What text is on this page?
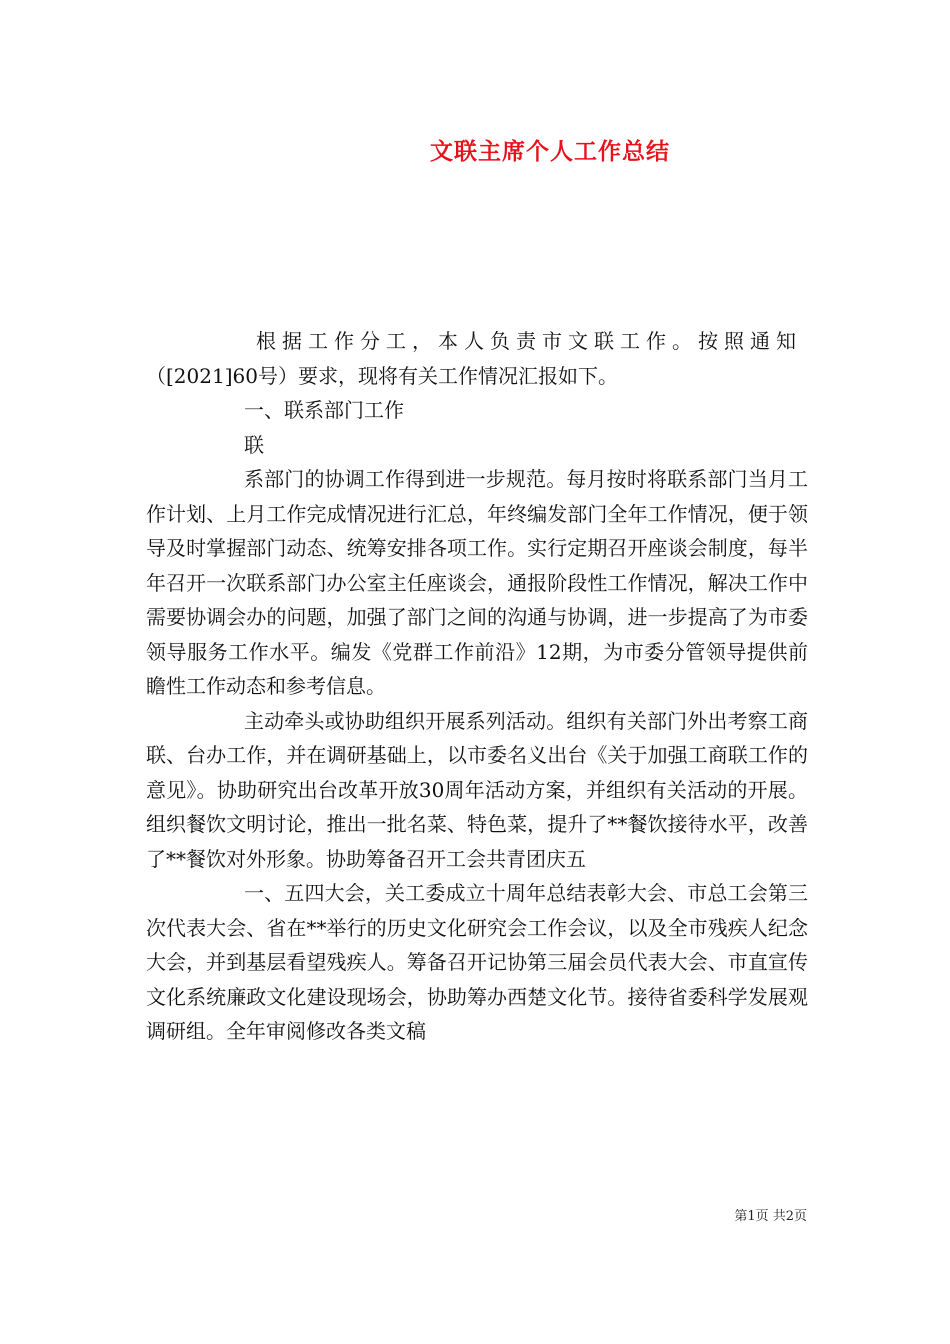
文联主席个人工作总结

根据工作分工，本人负责市文联工作。按照通知

（[2021]60号）要求，现将有关工作情况汇报如下。

一、联系部门工作

联

系部门的协调工作得到进一步规范。每月按时将联系部门当月工作计划、上月工作完成情况进行汇总，年终编发部门全年工作情况，便于领导及时掌握部门动态、统筹安排各项工作。实行定期召开座谈会制度，每半年召开一次联系部门办公室主任座谈会，通报阶段性工作情况，解决工作中需要协调会办的问题，加强了部门之间的沟通与协调，进一步提高了为市委领导服务工作水平。编发《党群工作前沿》12期，为市委分管领导提供前瞻性工作动态和参考信息。

主动牵头或协助组织开展系列活动。组织有关部门外出考察工商联、台办工作，并在调研基础上，以市委名义出台《关于加强工商联工作的意见》。协助研究出台改革开放30周年活动方案，并组织有关活动的开展。组织餐饮文明讨论，推出一批名菜、特色菜，提升了**餐饮接待水平，改善了**餐饮对外形象。协助筹备召开工会共青团庆五

一、五四大会，关工委成立十周年总结表彰大会、市总工会第三次代表大会、省在**举行的历史文化研究会工作会议，以及全市残疾人纪念大会，并到基层看望残疾人。筹备召开记协第三届会员代表大会、市直宣传文化系统廉政文化建设现场会，协助筹办西楚文化节。接待省委科学发展观调研组。全年审阅修改各类文稿

第1页 共2页
